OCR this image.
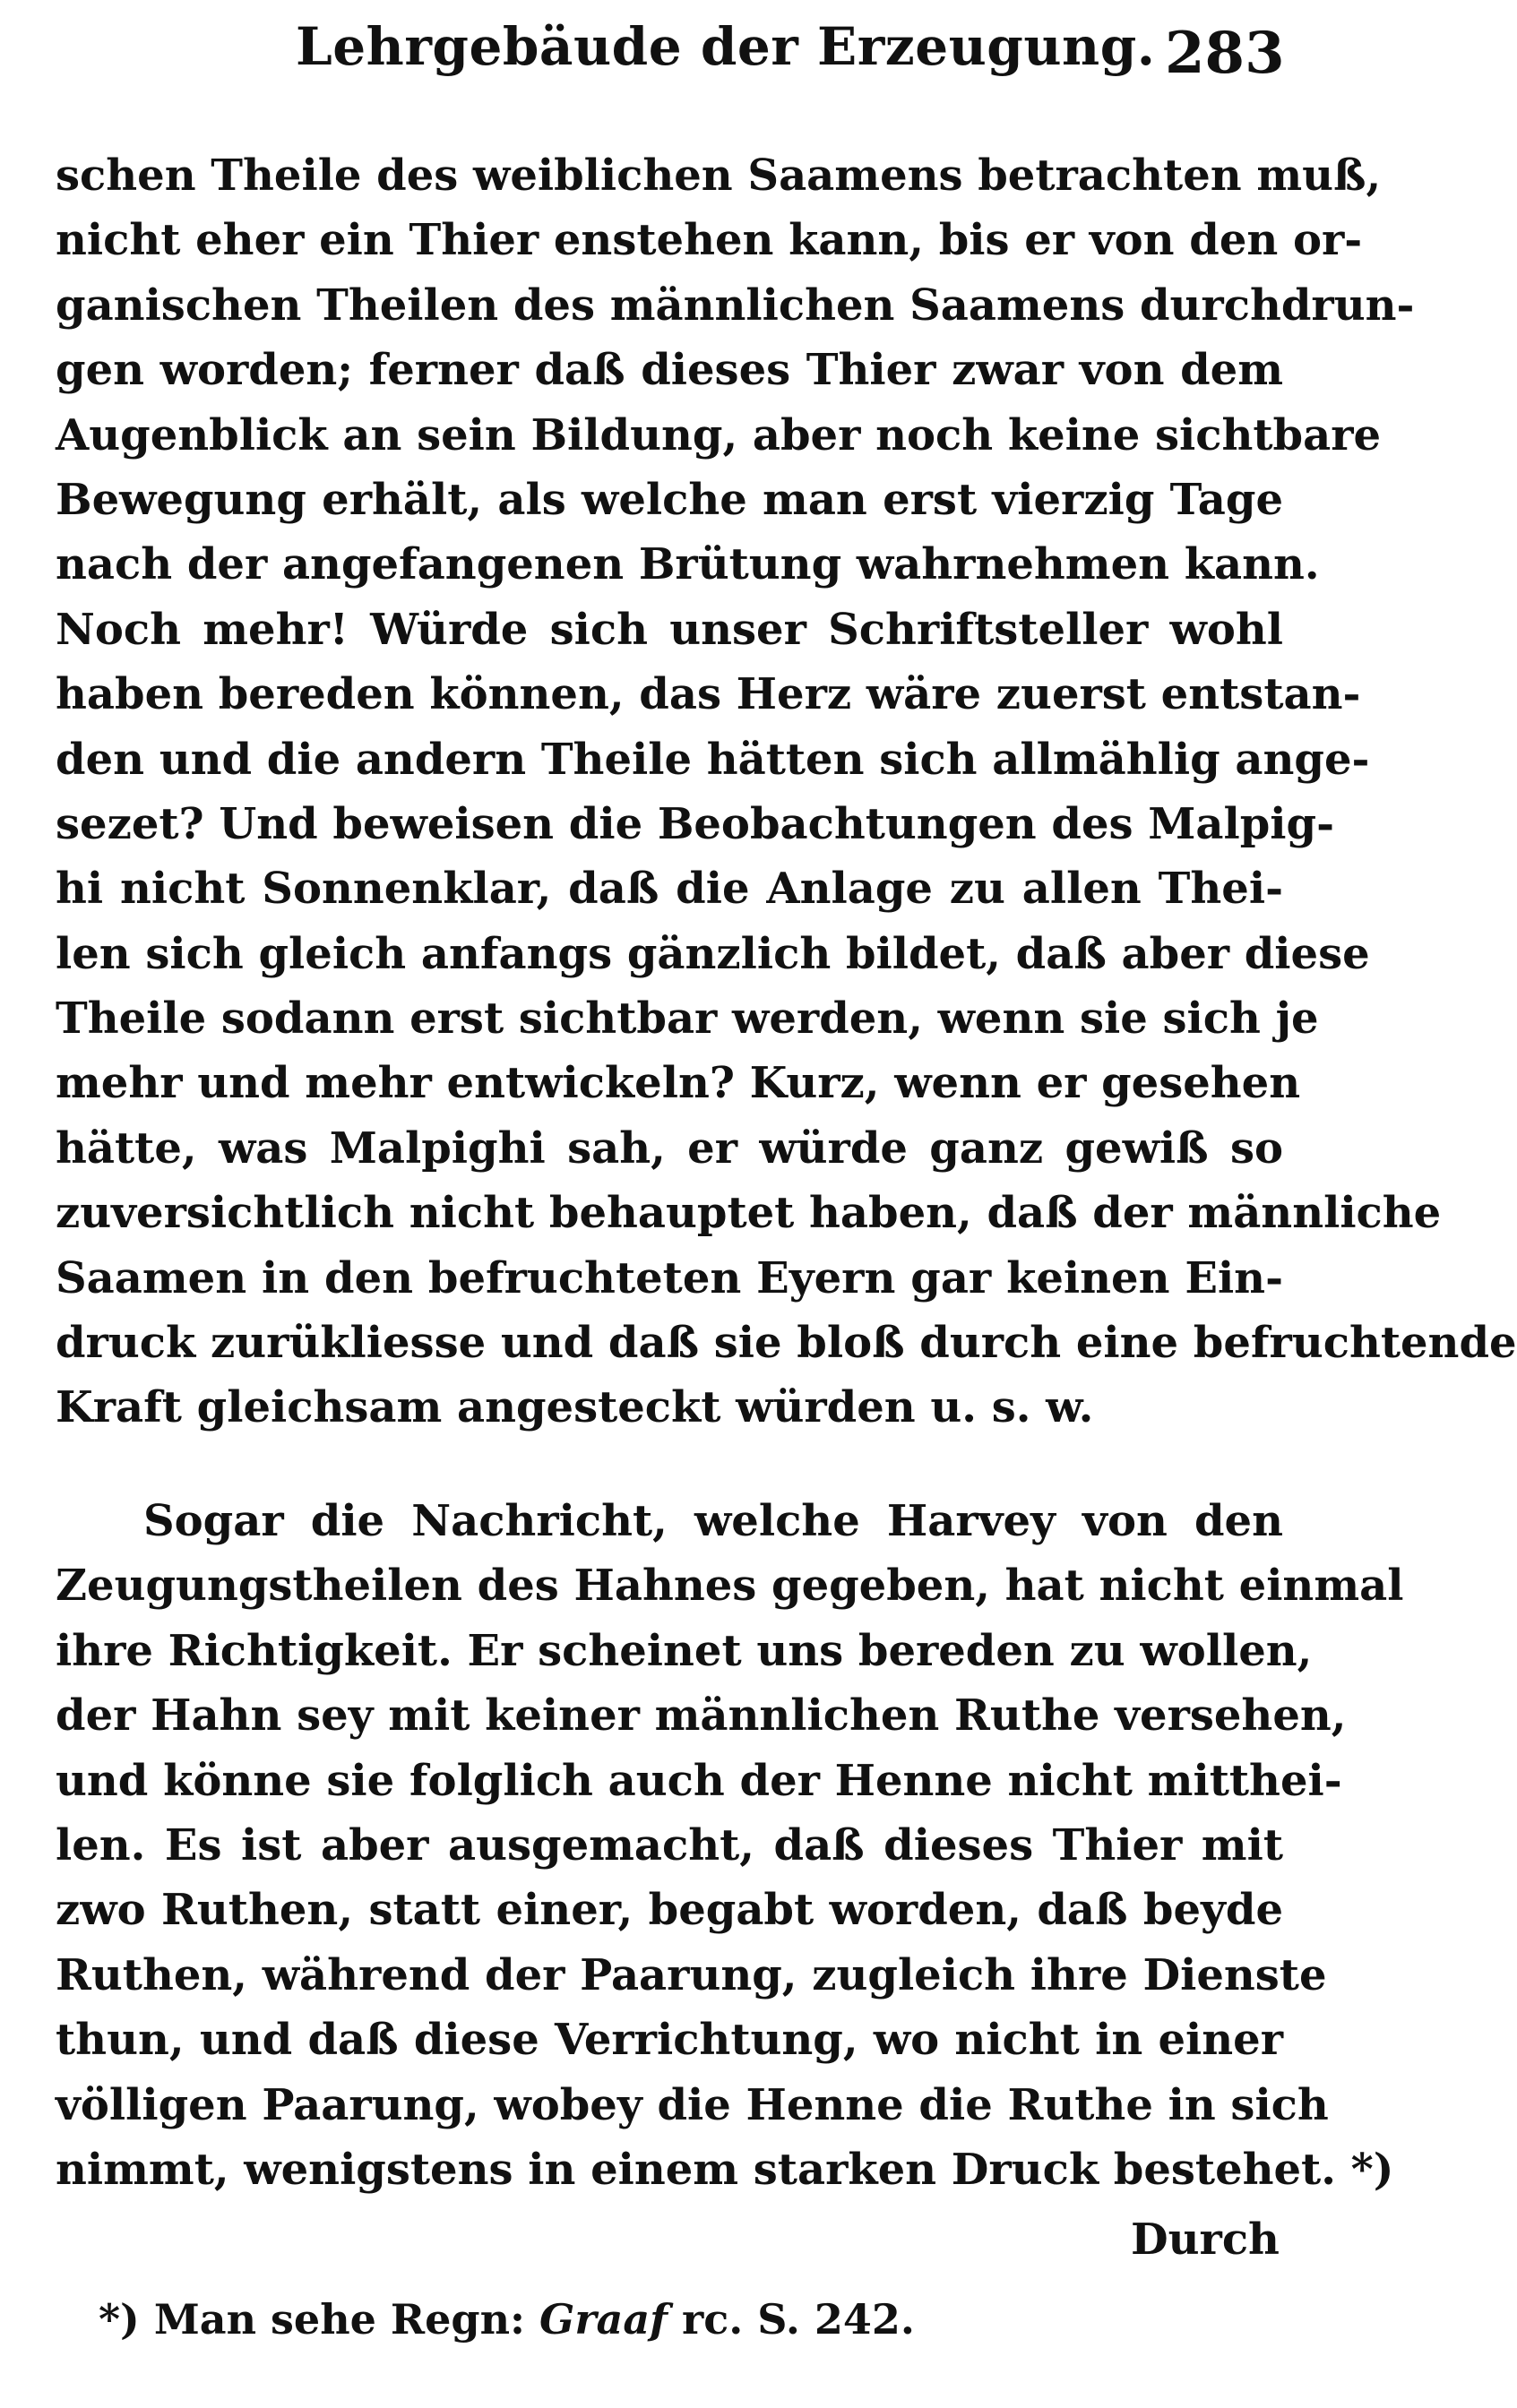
Lehrgebäude der Erzeugung. 283
schen Theile des weiblichen Saamens betrachten muß,
nicht eher ein Thier enstehen kann, bis er von den or-
ganischen Theilen des männlichen Saamens durchdrun-
gen worden; ferner daß dieses Thier zwar von dem
Augenblick an sein Bildung, aber noch keine sichtbare
Bewegung erhält, als welche man erst vierzig Tage
nach der angefangenen Brütung wahrnehmen kann.
Noch mehr! Würde sich unser Schriftsteller wohl
haben bereden können, das Herz wäre zuerst entstan-
den und die andern Theile hätten sich allmählig ange-
sezet? Und beweisen die Beobachtungen des Malpig-
hi nicht Sonnenklar, daß die Anlage zu allen Thei-
len sich gleich anfangs gänzlich bildet, daß aber diese
Theile sodann erst sichtbar werden, wenn sie sich je
mehr und mehr entwickeln? Kurz, wenn er gesehen
hätte, was Malpighi sah, er würde ganz gewiß so
zuversichtlich nicht behauptet haben, daß der männliche
Saamen in den befruchteten Eyern gar keinen Ein-
druck zurükliesse und daß sie bloß durch eine befruchtende
Kraft gleichsam angesteckt würden u. s. w.
Sogar die Nachricht, welche Harvey von den
Zeugungstheilen des Hahnes gegeben, hat nicht einmal
ihre Richtigkeit. Er scheinet uns bereden zu wollen,
der Hahn sey mit keiner männlichen Ruthe versehen,
und könne sie folglich auch der Henne nicht mitthei-
len. Es ist aber ausgemacht, daß dieses Thier mit
zwo Ruthen, statt einer, begabt worden, daß beyde
Ruthen, während der Paarung, zugleich ihre Dienste
thun, und daß diese Verrichtung, wo nicht in einer
völligen Paarung, wobey die Henne die Ruthe in sich
nimmt, wenigstens in einem starken Druck bestehet. *)
Durch
*) Man sehe Regn: Graaf rc. S. 242.
